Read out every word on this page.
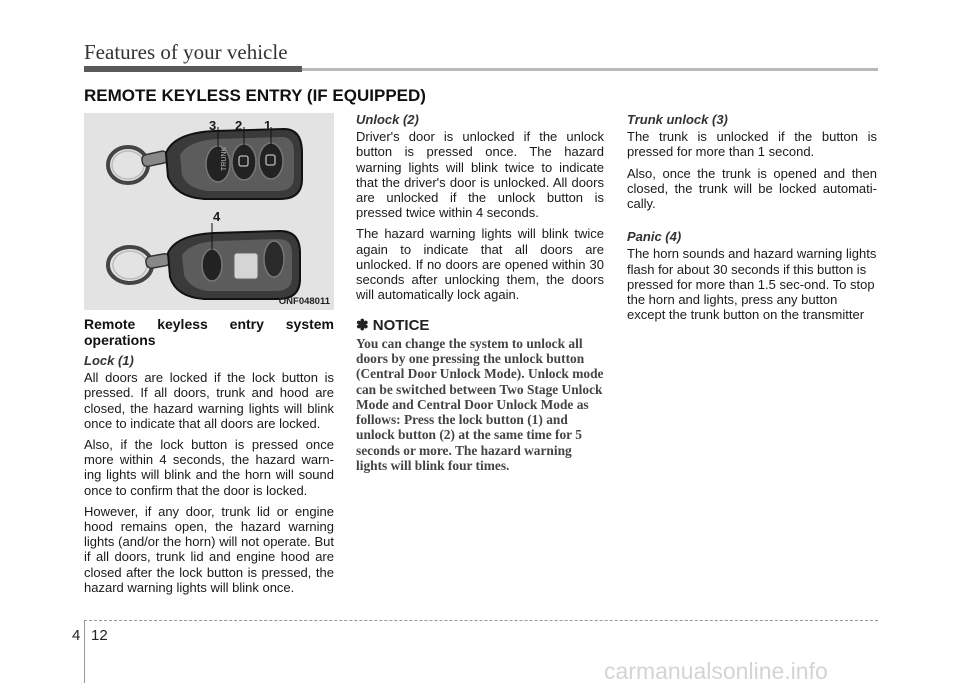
Features of your vehicle
REMOTE KEYLESS ENTRY (IF EQUIPPED)
TRUNK
3 2 1
4
ONF048011
Remote keyless entry system operations
Lock (1)

All doors are locked if the lock button is pressed. If all doors, trunk and hood are closed, the hazard warning lights will blink once to indicate that all doors are locked.

Also, if the lock button is pressed once more within 4 seconds, the hazard warn-ing lights will blink and the horn will sound once to confirm that the door is locked.

However, if any door, trunk lid or engine hood remains open, the hazard warning lights (and/or the horn) will not operate. But if all doors, trunk lid and engine hood are closed after the lock button is pressed, the hazard warning lights will blink once.

Unlock (2)

Driver's door is unlocked if the unlock button is pressed once. The hazard warning lights will blink twice to indicate that the driver's door is unlocked. All doors are unlocked if the unlock button is pressed twice within 4 seconds.

The hazard warning lights will blink twice again to indicate that all doors are unlocked. If no doors are opened within 30 seconds after unlocking them, the doors will automatically lock again.

✽ NOTICE
You can change the system to unlock all doors by one pressing the unlock button (Central Door Unlock Mode). Unlock mode can be switched between Two Stage Unlock Mode and Central Door Unlock Mode as follows: Press the lock button (1) and unlock button (2) at the same time for 5 seconds or more. The hazard warning lights will blink four times.
Trunk unlock (3)

The trunk is unlocked if the button is pressed for more than 1 second.

Also, once the trunk is opened and then closed, the trunk will be locked automati-cally.

Panic (4)

The horn sounds and hazard warning lights flash for about 30 seconds if this button is pressed for more than 1.5 sec-ond. To stop the horn and lights, press any button except the trunk button on the transmitter

4 12
carmanualsonline.info
